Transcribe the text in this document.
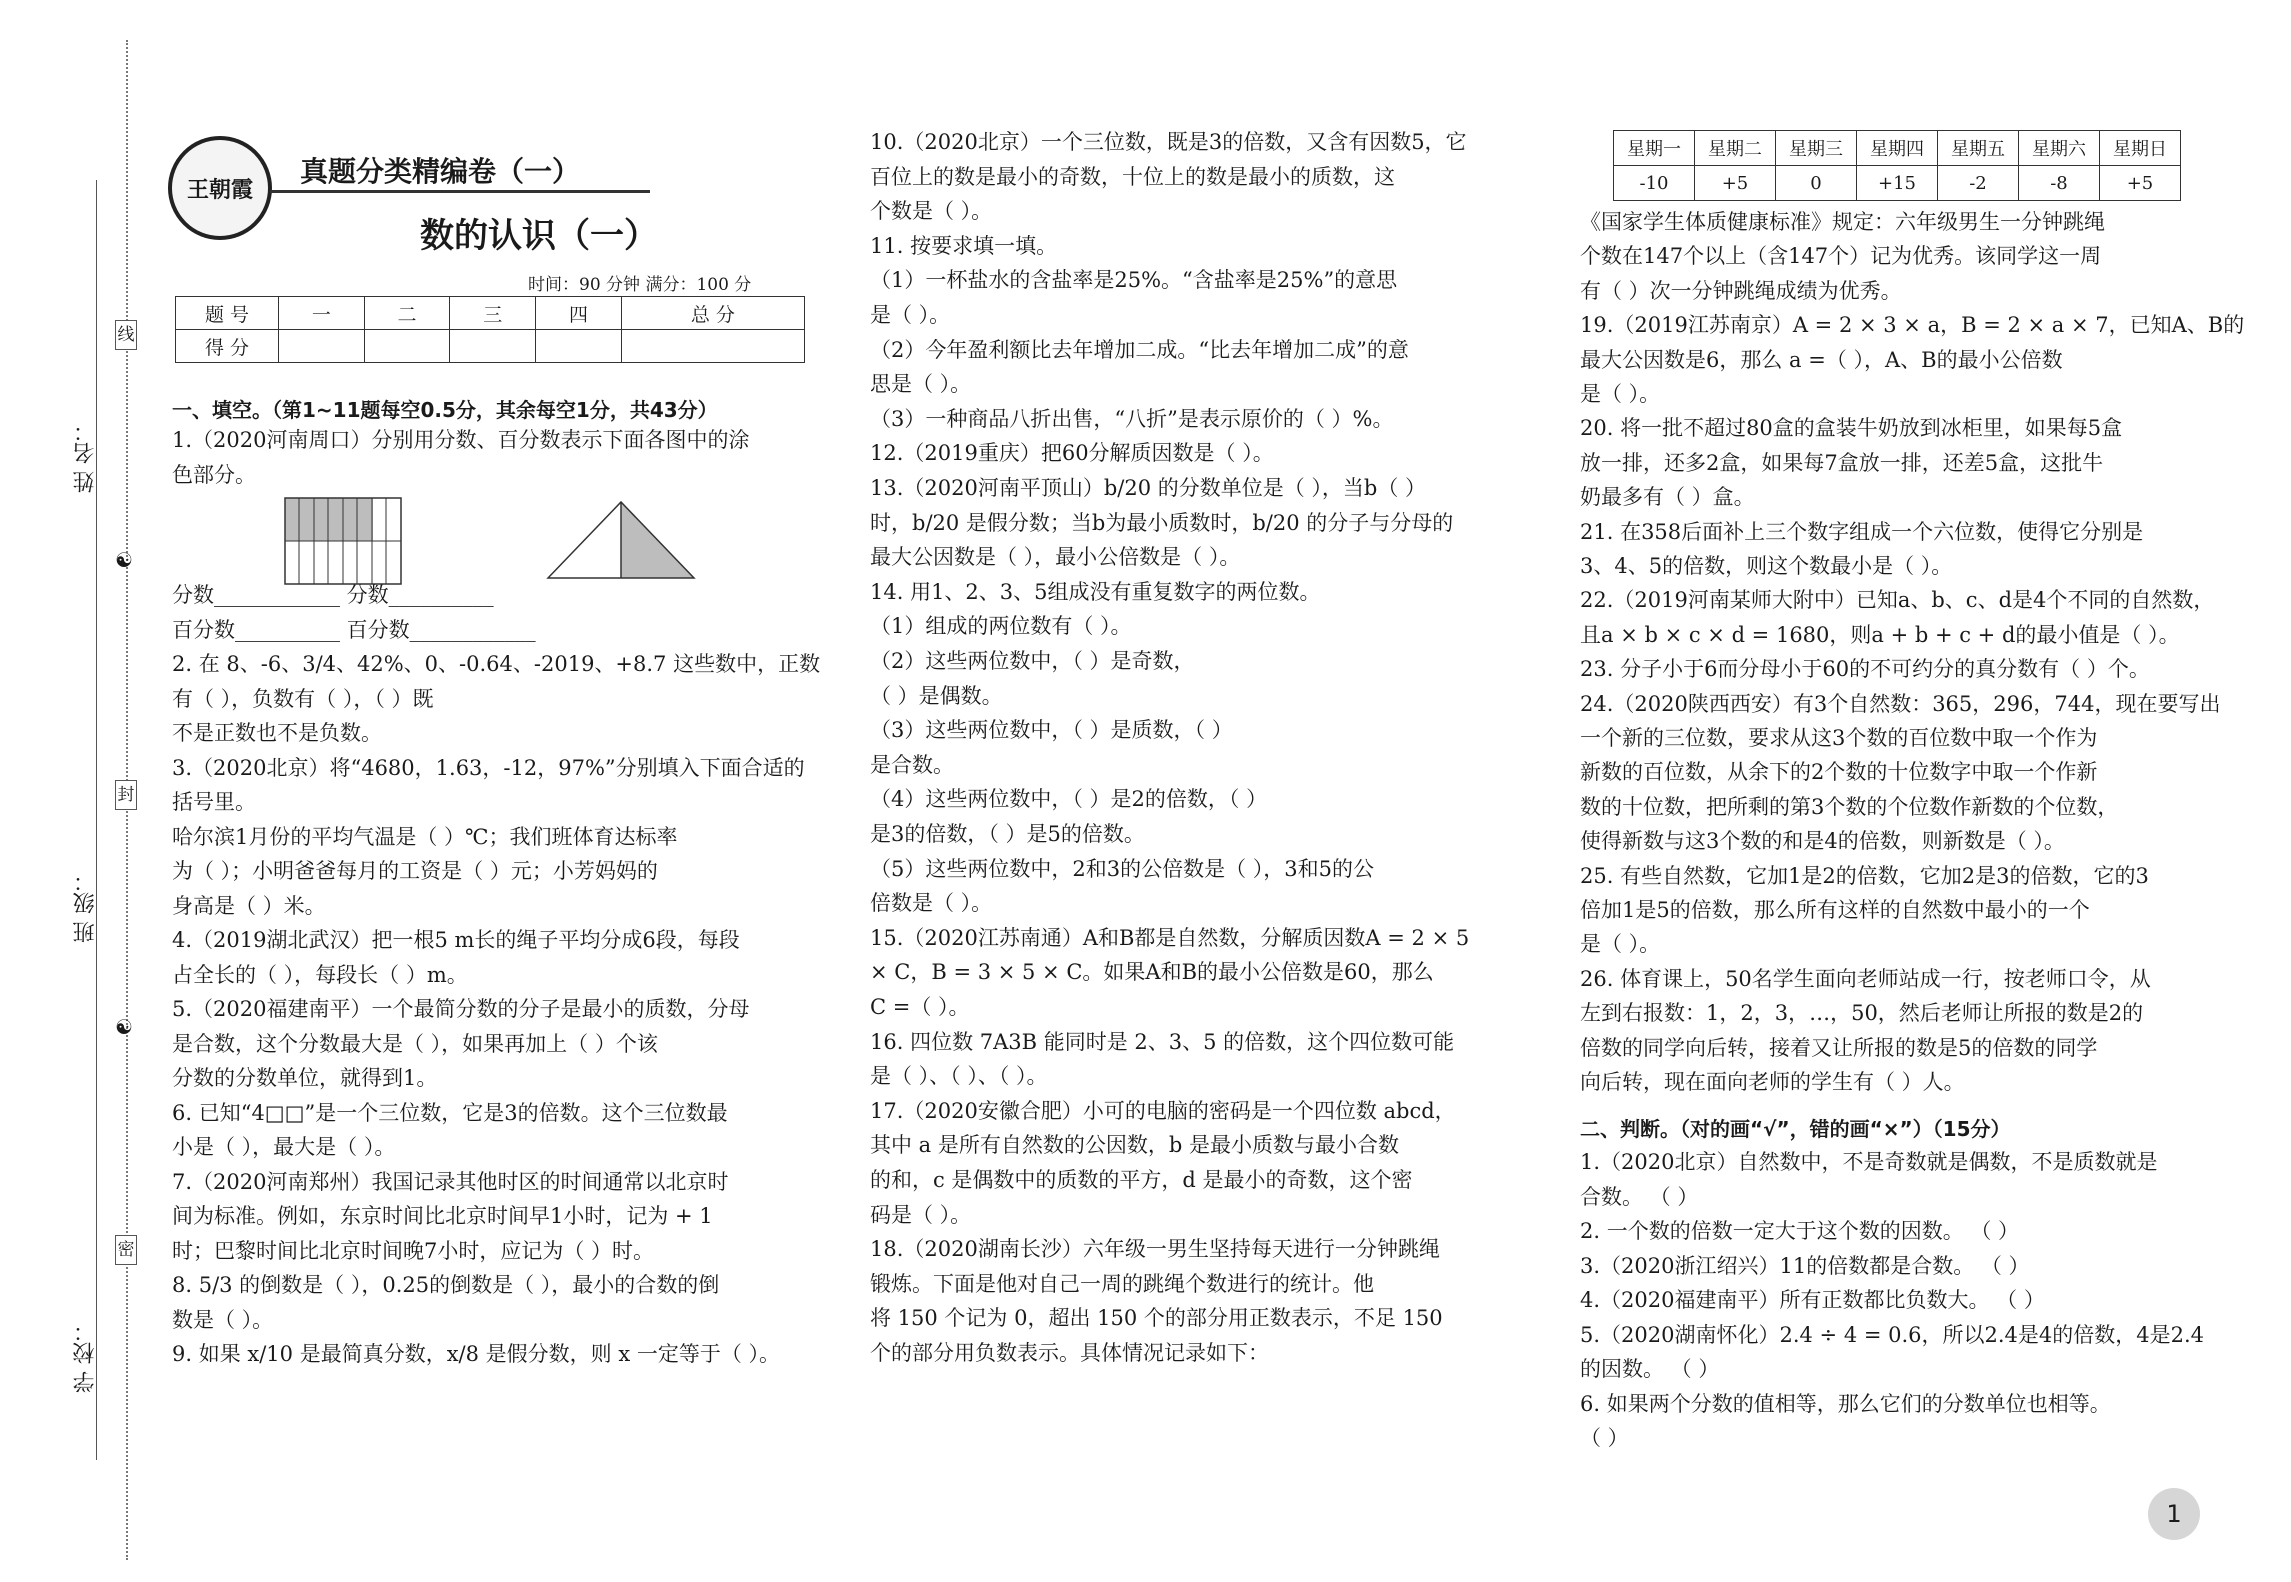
姓 名：
班 级：
学 校：
线
封
密
☯
☯
王朝霞
真题分类精编卷（一）
数的认识（一）
时间：90 分钟 满分：100 分
题 号	一	二	三	四	总 分
得 分					
一、填空。（第1~11题每空0.5分，其余每空1分，共43分）
1.（2020河南周口）分别用分数、百分数表示下面各图中的涂
色部分。
分数____________ 分数__________
百分数__________ 百分数____________
2. 在 8、-6、3/4、42%、0、-0.64、-2019、+8.7 这些数中，正数
有（ ），负数有（ ），（ ）既
不是正数也不是负数。
3.（2020北京）将“4680，1.63，-12，97%”分别填入下面合适的
括号里。
哈尔滨1月份的平均气温是（ ）℃；我们班体育达标率
为（ ）；小明爸爸每月的工资是（ ）元；小芳妈妈的
身高是（ ）米。
4.（2019湖北武汉）把一根5 m长的绳子平均分成6段，每段
占全长的（ ），每段长（ ）m。
5.（2020福建南平）一个最简分数的分子是最小的质数，分母
是合数，这个分数最大是（ ），如果再加上（ ）个该
分数的分数单位，就得到1。
6. 已知“4□□”是一个三位数，它是3的倍数。这个三位数最
小是（ ），最大是（ ）。
7.（2020河南郑州）我国记录其他时区的时间通常以北京时
间为标准。例如，东京时间比北京时间早1小时，记为 + 1
时；巴黎时间比北京时间晚7小时，应记为（ ）时。
8. 5/3 的倒数是（ ），0.25的倒数是（ ），最小的合数的倒
数是（ ）。
9. 如果 x/10 是最简真分数，x/8 是假分数，则 x 一定等于（ ）。
10.（2020北京）一个三位数，既是3的倍数，又含有因数5，它
百位上的数是最小的奇数，十位上的数是最小的质数，这
个数是（ ）。
11. 按要求填一填。
（1）一杯盐水的含盐率是25%。“含盐率是25%”的意思
是（ ）。
（2）今年盈利额比去年增加二成。“比去年增加二成”的意
思是（ ）。
（3）一种商品八折出售，“八折”是表示原价的（ ）%。
12.（2019重庆）把60分解质因数是（ ）。
13.（2020河南平顶山）b/20 的分数单位是（ ），当b（ ）
时，b/20 是假分数；当b为最小质数时，b/20 的分子与分母的
最大公因数是（ ），最小公倍数是（ ）。
14. 用1、2、3、5组成没有重复数字的两位数。
（1）组成的两位数有（ ）。
（2）这些两位数中，（ ）是奇数，
（ ）是偶数。
（3）这些两位数中，（ ）是质数，（ ）
是合数。
（4）这些两位数中，（ ）是2的倍数，（ ）
是3的倍数，（ ）是5的倍数。
（5）这些两位数中，2和3的公倍数是（ ），3和5的公
倍数是（ ）。
15.（2020江苏南通）A和B都是自然数，分解质因数A = 2 × 5
× C，B = 3 × 5 × C。如果A和B的最小公倍数是60，那么
C =（ ）。
16. 四位数 7A3B 能同时是 2、3、5 的倍数，这个四位数可能
是（ ）、（ ）、（ ）。
17.（2020安徽合肥）小可的电脑的密码是一个四位数 abcd，
其中 a 是所有自然数的公因数，b 是最小质数与最小合数
的和，c 是偶数中的质数的平方，d 是最小的奇数，这个密
码是（ ）。
18.（2020湖南长沙）六年级一男生坚持每天进行一分钟跳绳
锻炼。下面是他对自己一周的跳绳个数进行的统计。他
将 150 个记为 0，超出 150 个的部分用正数表示，不足 150
个的部分用负数表示。具体情况记录如下：
星期一	星期二	星期三	星期四	星期五	星期六	星期日
-10	+5	0	+15	-2	-8	+5
《国家学生体质健康标准》规定：六年级男生一分钟跳绳
个数在147个以上（含147个）记为优秀。该同学这一周
有（ ）次一分钟跳绳成绩为优秀。
19.（2019江苏南京）A = 2 × 3 × a，B = 2 × a × 7，已知A、B的
最大公因数是6，那么 a =（ ），A、B的最小公倍数
是（ ）。
20. 将一批不超过80盒的盒装牛奶放到冰柜里，如果每5盒
放一排，还多2盒，如果每7盒放一排，还差5盒，这批牛
奶最多有（ ）盒。
21. 在358后面补上三个数字组成一个六位数，使得它分别是
3、4、5的倍数，则这个数最小是（ ）。
22.（2019河南某师大附中）已知a、b、c、d是4个不同的自然数，
且a × b × c × d = 1680，则a + b + c + d的最小值是（ ）。
23. 分子小于6而分母小于60的不可约分的真分数有（ ）个。
24.（2020陕西西安）有3个自然数：365，296，744，现在要写出
一个新的三位数，要求从这3个数的百位数中取一个作为
新数的百位数，从余下的2个数的十位数字中取一个作新
数的十位数，把所剩的第3个数的个位数作新数的个位数，
使得新数与这3个数的和是4的倍数，则新数是（ ）。
25. 有些自然数，它加1是2的倍数，它加2是3的倍数，它的3
倍加1是5的倍数，那么所有这样的自然数中最小的一个
是（ ）。
26. 体育课上，50名学生面向老师站成一行，按老师口令，从
左到右报数：1，2，3，…，50，然后老师让所报的数是2的
倍数的同学向后转，接着又让所报的数是5的倍数的同学
向后转，现在面向老师的学生有（ ）人。
二、判断。（对的画“√”，错的画“×”）（15分）
1.（2020北京）自然数中，不是奇数就是偶数，不是质数就是
合数。 （ ）
2. 一个数的倍数一定大于这个数的因数。 （ ）
3.（2020浙江绍兴）11的倍数都是合数。 （ ）
4.（2020福建南平）所有正数都比负数大。 （ ）
5.（2020湖南怀化）2.4 ÷ 4 = 0.6，所以2.4是4的倍数，4是2.4
的因数。 （ ）
6. 如果两个分数的值相等，那么它们的分数单位也相等。
（ ）
1
